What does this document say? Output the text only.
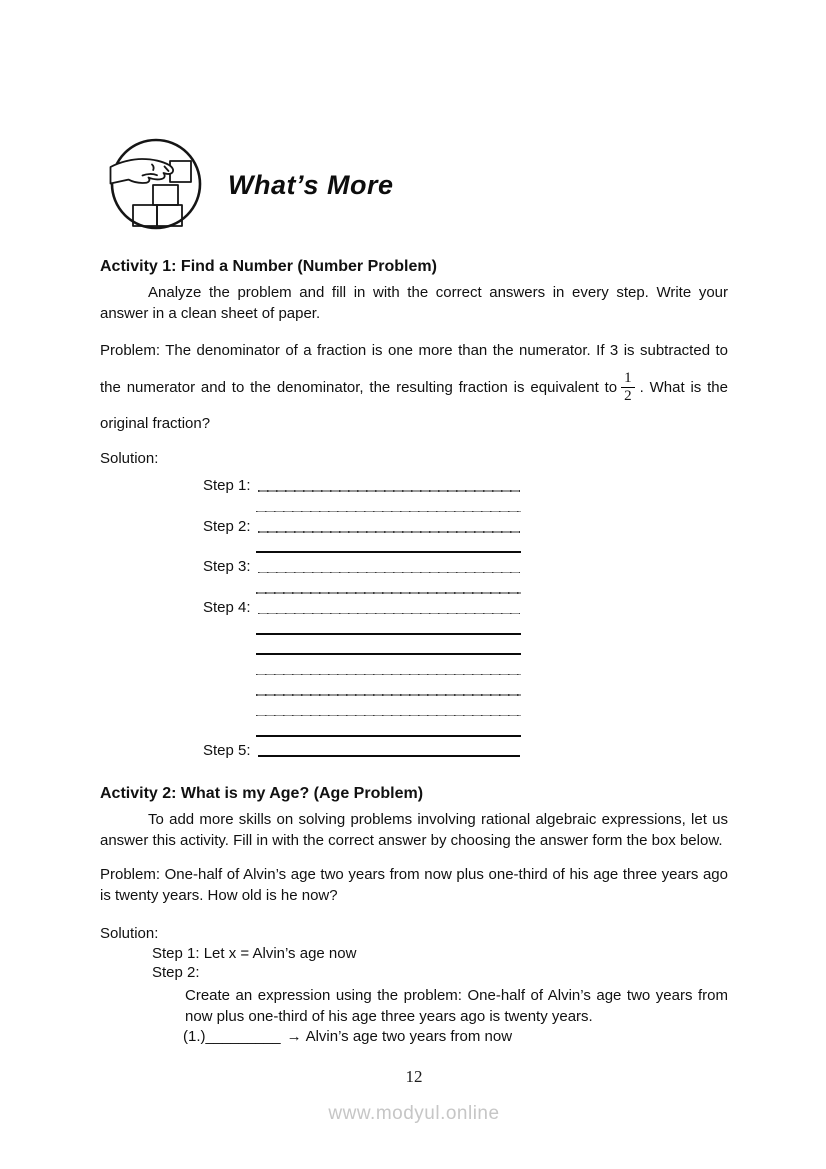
What’s More
Activity 1: Find a Number (Number Problem)

Analyze the problem and fill in with the correct answers in every step. Write your answer in a clean sheet of paper.

Problem: The denominator of a fraction is one more than the numerator. If 3 is subtracted to the numerator and to the denominator, the resulting fraction is equivalent to $\frac{1}{2}$ . What is the original fraction?

Solution:
Step 1:
Step 2:
Step 3:
Step 4:
Step 5:
Activity 2: What is my Age? (Age Problem)

To add more skills on solving problems involving rational algebraic expressions, let us answer this activity. Fill in with the correct answer by choosing the answer form the box below.

Problem: One-half of Alvin’s age two years from now plus one-third of his age three years ago is twenty years. How old is he now?

Solution:
Step 1: Let x = Alvin’s age now
Step 2:

Create an expression using the problem: One-half of Alvin’s age two years from now plus one-third of his age three years ago is twenty years.

(1.)_________ → Alvin’s age two years from now
12
www.modyul.online
